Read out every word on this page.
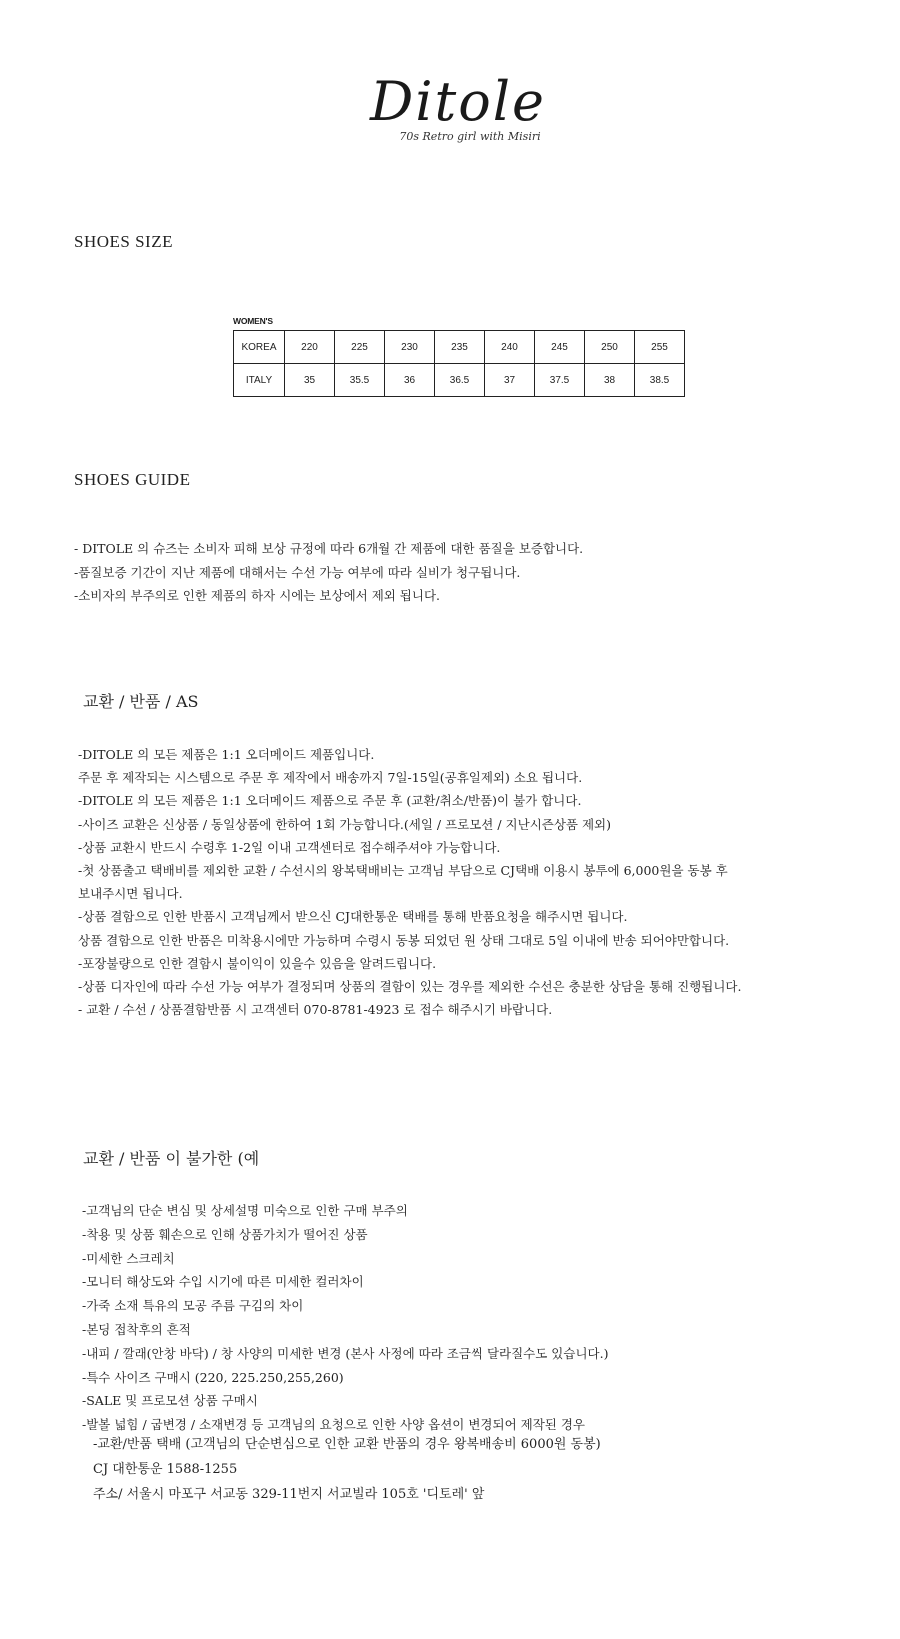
Ditole
70s Retro girl with Misiri
SHOES SIZE
WOMEN'S
KOREA	220	225	230	235	240	245	250	255
ITALY	35	35.5	36	36.5	37	37.5	38	38.5
SHOES GUIDE
- DITOLE 의 슈즈는 소비자 피해 보상 규정에 따라 6개월 간 제품에 대한 품질을 보증합니다.
-품질보증 기간이 지난 제품에 대해서는 수선 가능 여부에 따라 실비가 청구됩니다.
-소비자의 부주의로 인한 제품의 하자 시에는 보상에서 제외 됩니다.
교환 / 반품 / AS
-DITOLE 의 모든 제품은 1:1 오더메이드 제품입니다.
주문 후 제작되는 시스템으로 주문 후 제작에서 배송까지 7일-15일(공휴일제외) 소요 됩니다.
-DITOLE 의 모든 제품은 1:1 오더메이드 제품으로 주문 후 (교환/취소/반품)이 불가 합니다.
-사이즈 교환은 신상품 / 동일상품에 한하여 1회 가능합니다.(세일 / 프로모션 / 지난시즌상품 제외)
-상품 교환시 반드시 수령후 1-2일 이내 고객센터로 접수해주셔야 가능합니다.
-첫 상품출고 택배비를 제외한 교환 / 수선시의 왕복택배비는 고객님 부담으로 CJ택배 이용시 봉투에 6,000원을 동봉 후
보내주시면 됩니다.
-상품 결함으로 인한 반품시 고객님께서 받으신 CJ대한통운 택배를 통해 반품요청을 해주시면 됩니다.
상품 결함으로 인한 반품은 미착용시에만 가능하며 수령시 동봉 되었던 원 상태 그대로 5일 이내에 반송 되어야만합니다.
-포장불량으로 인한 결함시 불이익이 있을수 있음을 알려드립니다.
-상품 디자인에 따라 수선 가능 여부가 결정되며 상품의 결함이 있는 경우를 제외한 수선은 충분한 상담을 통해 진행됩니다.
- 교환 / 수선 / 상품결함반품 시 고객센터 070-8781-4923 로 접수 해주시기 바랍니다.
교환 / 반품 이 불가한 (예
-고객님의 단순 변심 및 상세설명 미숙으로 인한 구매 부주의
-착용 및 상품 훼손으로 인해 상품가치가 떨어진 상품
-미세한 스크레치
-모니터 해상도와 수입 시기에 따른 미세한 컬러차이
-가죽 소재 특유의 모공 주름 구김의 차이
-본딩 접착후의 흔적
-내피 / 깔래(안창 바닥) / 창 사양의 미세한 변경 (본사 사정에 따라 조금씩 달라질수도 있습니다.)
-특수 사이즈 구매시 (220, 225.250,255,260)
-SALE 및 프로모션 상품 구매시
-발볼 넓힘 / 굽변경 / 소재변경 등 고객님의 요청으로 인한 사양 옵션이 변경되어 제작된 경우
-교환/반품 택배 (고객님의 단순변심으로 인한 교환 반품의 경우 왕복배송비 6000원 동봉)
CJ 대한통운 1588-1255
주소/ 서울시 마포구 서교동 329-11번지 서교빌라 105호 '디토레' 앞
